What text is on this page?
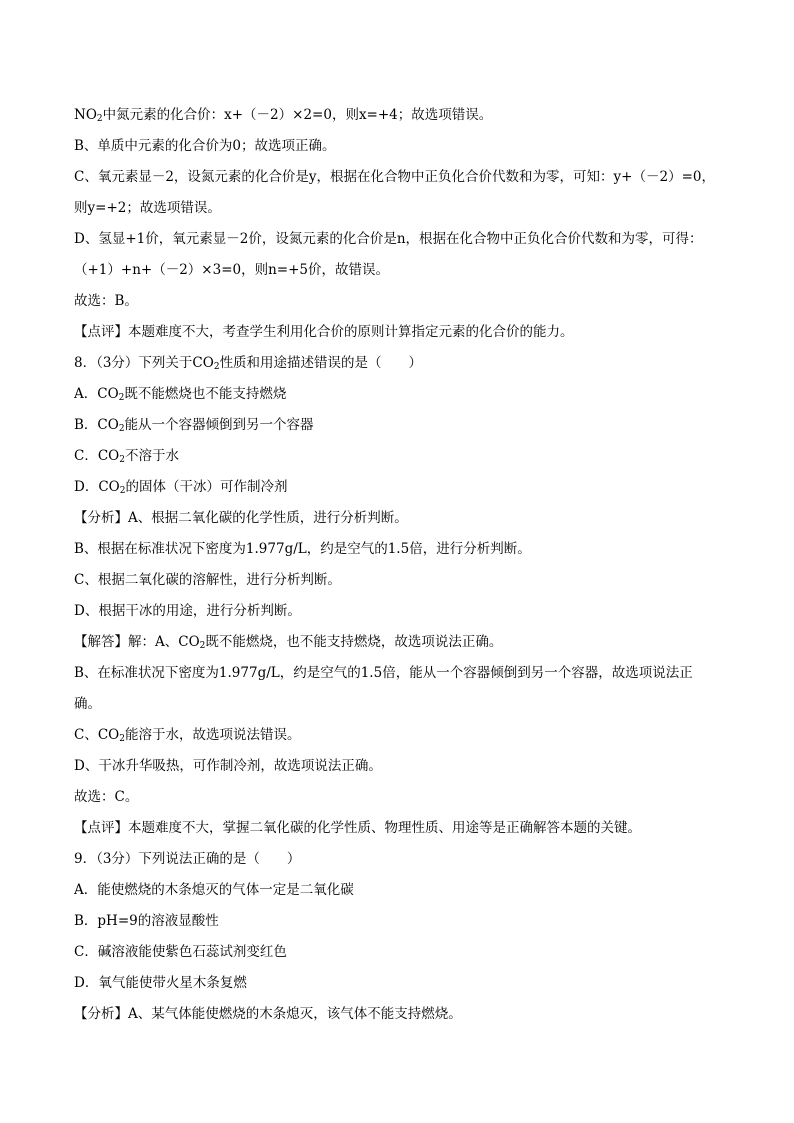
$NO_2$中氮元素的化合价：x+（－2）×2=0，则x=+4；故选项错误。
B、单质中元素的化合价为0；故选项正确。
C、氧元素显－2，设氮元素的化合价是y，根据在化合物中正负化合价代数和为零，可知：y+（－2）=0，
则y=+2；故选项错误。
D、氢显+1价，氧元素显－2价，设氮元素的化合价是n，根据在化合物中正负化合价代数和为零，可得：
（+1）+n+（－2）×3=0，则n=+5价，故错误。
故选：B。
【点评】本题难度不大，考查学生利用化合价的原则计算指定元素的化合价的能力。
8．（3分）下列关于$CO_2$性质和用途描述错误的是（　　）
A．$CO_2$既不能燃烧也不能支持燃烧
B．$CO_2$能从一个容器倾倒到另一个容器
C．$CO_2$不溶于水
D．$CO_2$的固体（干冰）可作制冷剂
【分析】A、根据二氧化碳的化学性质，进行分析判断。
B、根据在标准状况下密度为1.977g/L，约是空气的1.5倍，进行分析判断。
C、根据二氧化碳的溶解性，进行分析判断。
D、根据干冰的用途，进行分析判断。
【解答】解：A、$CO_2$既不能燃烧，也不能支持燃烧，故选项说法正确。
B、在标准状况下密度为1.977g/L，约是空气的1.5倍，能从一个容器倾倒到另一个容器，故选项说法正
确。
C、$CO_2$能溶于水，故选项说法错误。
D、干冰升华吸热，可作制冷剂，故选项说法正确。
故选：C。
【点评】本题难度不大，掌握二氧化碳的化学性质、物理性质、用途等是正确解答本题的关键。
9．（3分）下列说法正确的是（　　）
A．能使燃烧的木条熄灭的气体一定是二氧化碳
B．pH=9的溶液显酸性
C．碱溶液能使紫色石蕊试剂变红色
D．氧气能使带火星木条复燃
【分析】A、某气体能使燃烧的木条熄灭，该气体不能支持燃烧。
